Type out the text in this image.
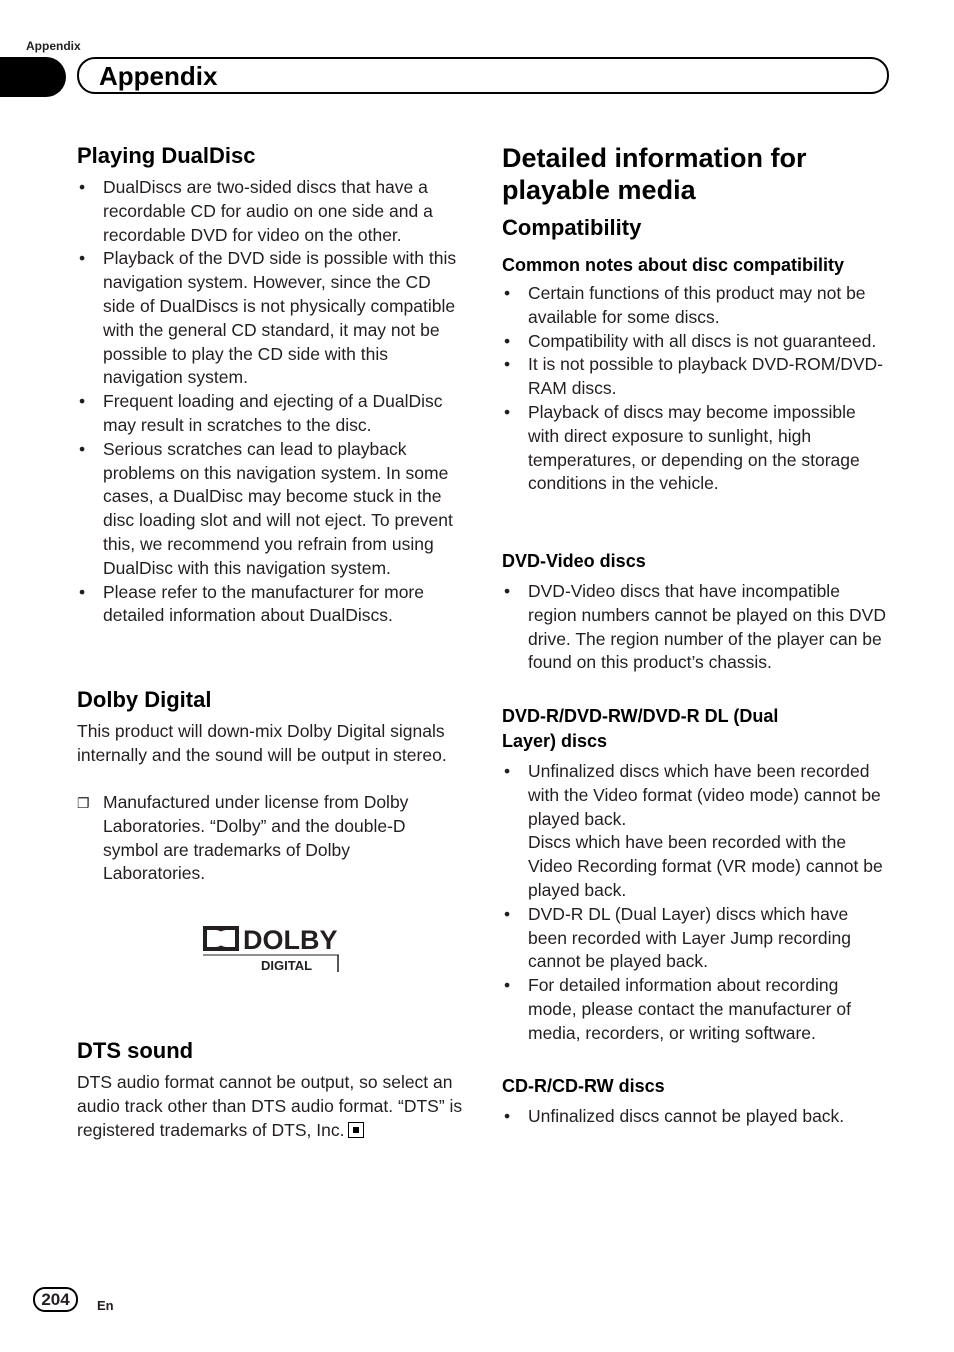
Appendix
Appendix
Playing DualDisc
• DualDiscs are two-sided discs that have a recordable CD for audio on one side and a recordable DVD for video on the other.
• Playback of the DVD side is possible with this navigation system. However, since the CD side of DualDiscs is not physically compatible with the general CD standard, it may not be possible to play the CD side with this navigation system.
• Frequent loading and ejecting of a DualDisc may result in scratches to the disc.
• Serious scratches can lead to playback problems on this navigation system. In some cases, a DualDisc may become stuck in the disc loading slot and will not eject. To prevent this, we recommend you refrain from using DualDisc with this navigation system.
• Please refer to the manufacturer for more detailed information about DualDiscs.
Dolby Digital
This product will down-mix Dolby Digital signals internally and the sound will be output in stereo.
❐ Manufactured under license from Dolby Laboratories. “Dolby” and the double-D symbol are trademarks of Dolby Laboratories.
DOLBY
DIGITAL
DTS sound
DTS audio format cannot be output, so select an audio track other than DTS audio format. “DTS” is registered trademarks of DTS, Inc.
Detailed information for playable media
Compatibility
Common notes about disc compatibility
• Certain functions of this product may not be available for some discs.
• Compatibility with all discs is not guaranteed.
• It is not possible to playback DVD-ROM/DVD-RAM discs.
• Playback of discs may become impossible with direct exposure to sunlight, high temperatures, or depending on the storage conditions in the vehicle.
DVD-Video discs
• DVD-Video discs that have incompatible region numbers cannot be played on this DVD drive. The region number of the player can be found on this product’s chassis.
DVD-R/DVD-RW/DVD-R DL (Dual Layer) discs
• Unfinalized discs which have been recorded with the Video format (video mode) cannot be played back.
Discs which have been recorded with the Video Recording format (VR mode) cannot be played back.
• DVD-R DL (Dual Layer) discs which have been recorded with Layer Jump recording cannot be played back.
• For detailed information about recording mode, please contact the manufacturer of media, recorders, or writing software.
CD-R/CD-RW discs
• Unfinalized discs cannot be played back.
204	En
